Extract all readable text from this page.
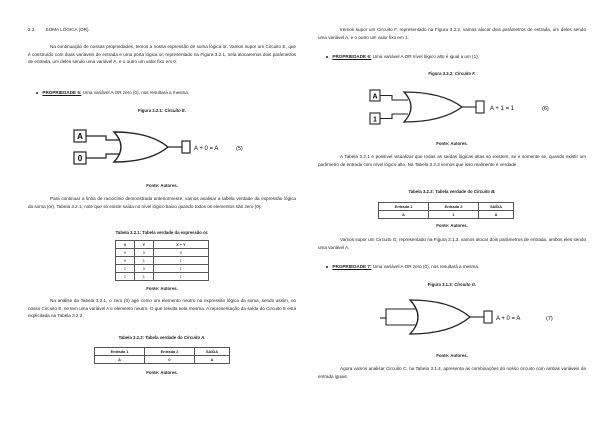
2.2 SOMA LÓGICA (OR).
Na continuação de nossas propriedades, temos a nossa expressão de soma lógica or. Vamos supor um Circuito E, que é construído com duas variáveis de entrada e uma porta lógica or, representado na Figura 3.2.1, nela alocaremos dois parâmetros de entrada, um deles sendo uma variável A, e o outro um valor fixo em 0.
PROPRIEDADE 5: Uma variável A OR zero (0), nos resultará a mesma.
Figura 3.2.1: Circuito E.
A
0
A + 0 = A	(5)
Fonte: Autores.
Para continuar a linha de raciocínio demonstrada anteriormente, vamos analisar a tabela verdade da expressão lógica da soma (or), Tabela 3.2.1, note que só existe saída no nível lógico baixo quando todos os elementos são zero (0).
Tabela 3.2.1: Tabela verdade da expressão or.
X	Y	X + Y
0	0	0
0	1	1
1	0	1
1	1	1
Fonte: Autores.
Na análise da Tabela 3.2.1, o zero (0) age como um elemento neutro na expressão lógica da soma, sendo assim, no nosso Circuito E, se tem uma variável A e elemento neutro. O que resulta nela mesma. A representação da saída do Circuito E está explicitada na Tabela 3.2.2.
Tabela 3.2.2: Tabela verdade do Circuito A.
Entrada 1	Entrada 2	SAÍDA
A	0	A
Fonte: Autores.
Iremos supor um Circuito F, representado na Figura 3.2.2, vamos alocar dois parâmetros de entrada, um deles sendo uma variável A, e o outro um valor fixo em 1.
PROPRIEDADE 6: Uma variável A OR nível lógico alto é igual a um (1).
Figura 3.2.2: Circuito F.
A
1
A + 1 = 1	(6)
Fonte: Autores.
A Tabela 3.2.1 é possível visualizar que todas as saídas lógicas altas só existem, se e somente se, quando existir um parâmetro de entrada com nível lógico alto. Na Tabela 3.2.3 vemos que isso realmente é verdade.
Tabela 3.2.3: Tabela verdade do Circuito B.
Entrada 1	Entrada 2	SAÍDA
A	1	A
Fonte: Autores.
Vamos supor um Circuito G, representado na Figura 3.1.3, vamos alocar dois parâmetros de entrada, ambos eles sendo uma variável A.
PROPRIEDADE 7: Uma variável A OR zero (0), nos resultará a mesma.
Figura 3.1.3: Circuito G.
A + 0 = A	(7)
Fonte: Autores.
Agora vamos analisar Circuito C, na Tabela 3.1.4, apresenta as combinações do nosso circuito com ambas variáveis de entrada iguais.
